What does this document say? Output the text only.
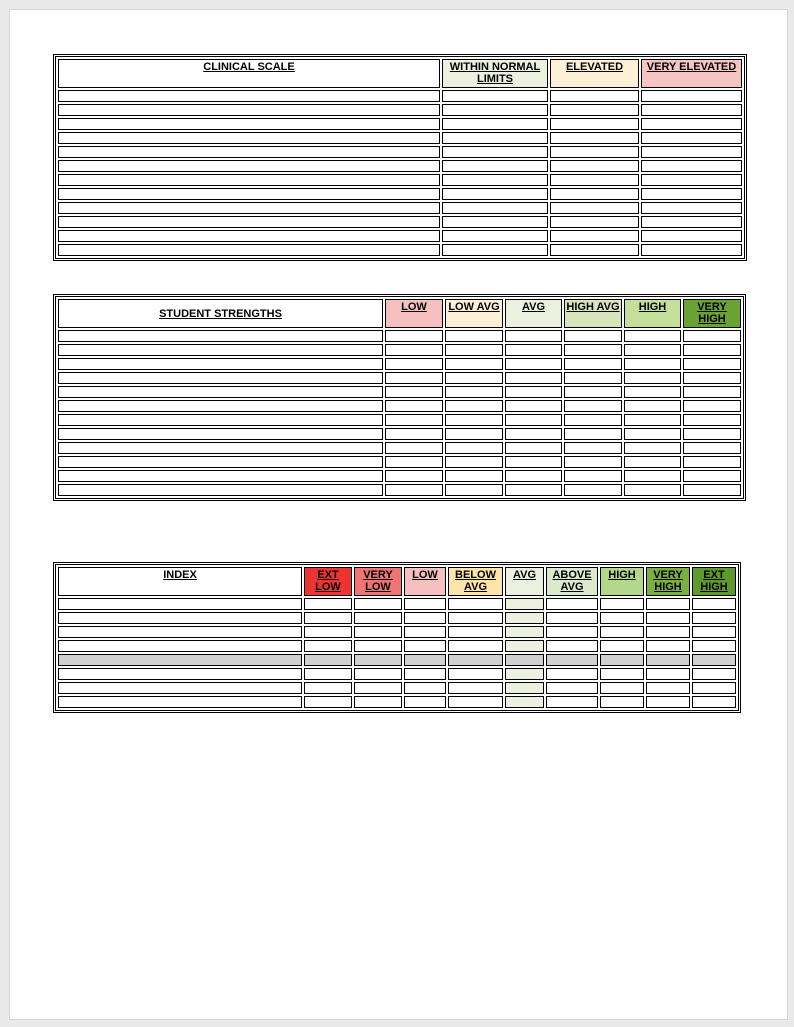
CLINICAL SCALE	WITHIN NORMAL LIMITS	ELEVATED	VERY ELEVATED

STUDENT STRENGTHS	LOW	LOW AVG	AVG	HIGH AVG	HIGH	VERY HIGH

INDEX	EXT LOW	VERY LOW	LOW	BELOW AVG	AVG	ABOVE AVG	HIGH	VERY HIGH	EXT HIGH
